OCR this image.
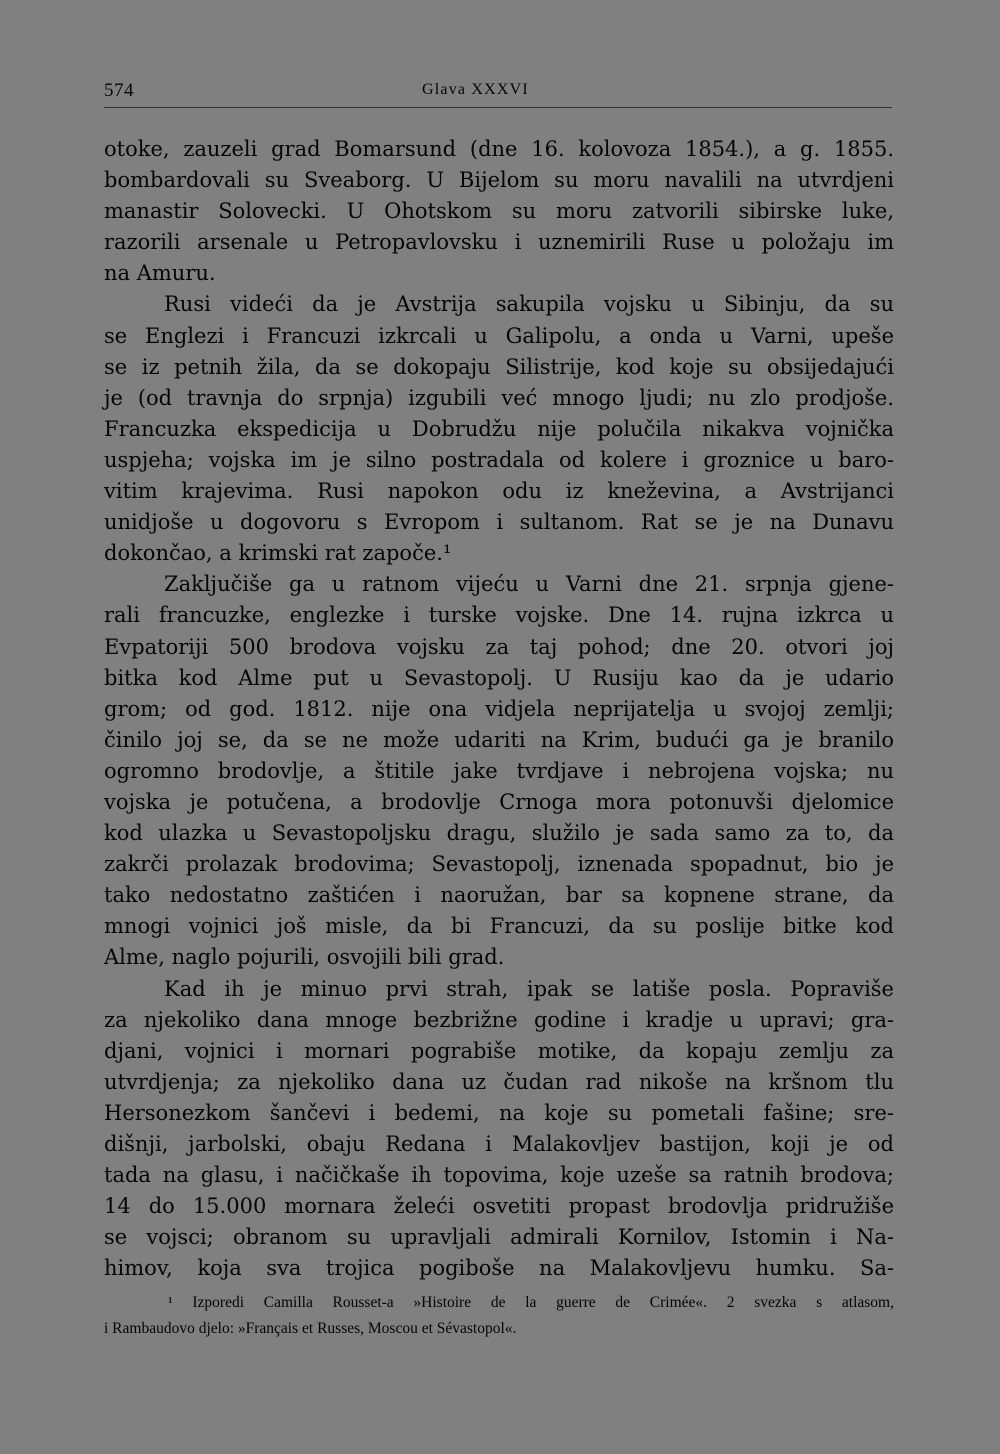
574	Glava XXXVI
otoke, zauzeli grad Bomarsund (dne 16. kolovoza 1854.), a g. 1855.
bombardovali su Sveaborg. U Bijelom su moru navalili na utvrdjeni
manastir Solovecki. U Ohotskom su moru zatvorili sibirske luke,
razorili arsenale u Petropavlovsku i uznemirili Ruse u položaju im
na Amuru.
Rusi videći da je Avstrija sakupila vojsku u Sibinju, da su
se Englezi i Francuzi izkrcali u Galipolu, a onda u Varni, upeše
se iz petnih žila, da se dokopaju Silistrije, kod koje su obsijedajući
je (od travnja do srpnja) izgubili već mnogo ljudi; nu zlo prodjoše.
Francuzka ekspedicija u Dobrudžu nije polučila nikakva vojnička
uspjeha; vojska im je silno postradala od kolere i groznice u baro-
vitim krajevima. Rusi napokon odu iz kneževina, a Avstrijanci
unidjoše u dogovoru s Evropom i sultanom. Rat se je na Dunavu
dokončao, a krimski rat započe.¹
Zaključiše ga u ratnom vijeću u Varni dne 21. srpnja gjene-
rali francuzke, englezke i turske vojske. Dne 14. rujna izkrca u
Evpatoriji 500 brodova vojsku za taj pohod; dne 20. otvori joj
bitka kod Alme put u Sevastopolj. U Rusiju kao da je udario
grom; od god. 1812. nije ona vidjela neprijatelja u svojoj zemlji;
činilo joj se, da se ne može udariti na Krim, budući ga je branilo
ogromno brodovlje, a štitile jake tvrdjave i nebrojena vojska; nu
vojska je potučena, a brodovlje Crnoga mora potonuvši djelomice
kod ulazka u Sevastopoljsku dragu, služilo je sada samo za to, da
zakrči prolazak brodovima; Sevastopolj, iznenada spopadnut, bio je
tako nedostatno zaštićen i naoružan, bar sa kopnene strane, da
mnogi vojnici još misle, da bi Francuzi, da su poslije bitke kod
Alme, naglo pojurili, osvojili bili grad.
Kad ih je minuo prvi strah, ipak se latiše posla. Popraviše
za njekoliko dana mnoge bezbrižne godine i kradje u upravi; gra-
djani, vojnici i mornari pograbiše motike, da kopaju zemlju za
utvrdjenja; za njekoliko dana uz čudan rad nikoše na kršnom tlu
Hersonezkom šančevi i bedemi, na koje su pometali fašine; sre-
dišnji, jarbolski, obaju Redana i Malakovljev bastijon, koji je od
tada na glasu, i načičkaše ih topovima, koje uzeše sa ratnih brodova;
14 do 15.000 mornara želeći osvetiti propast brodovlja pridružiše
se vojsci; obranom su upravljali admirali Kornilov, Istomin i Na-
himov, koja sva trojica pogiboše na Malakovljevu humku. Sa-
¹ Izporedi Camilla Rousset-a »Histoire de la guerre de Crimée«. 2 svezka s atlasom,
i Rambaudovo djelo: »Français et Russes, Moscou et Sévastopol«.
